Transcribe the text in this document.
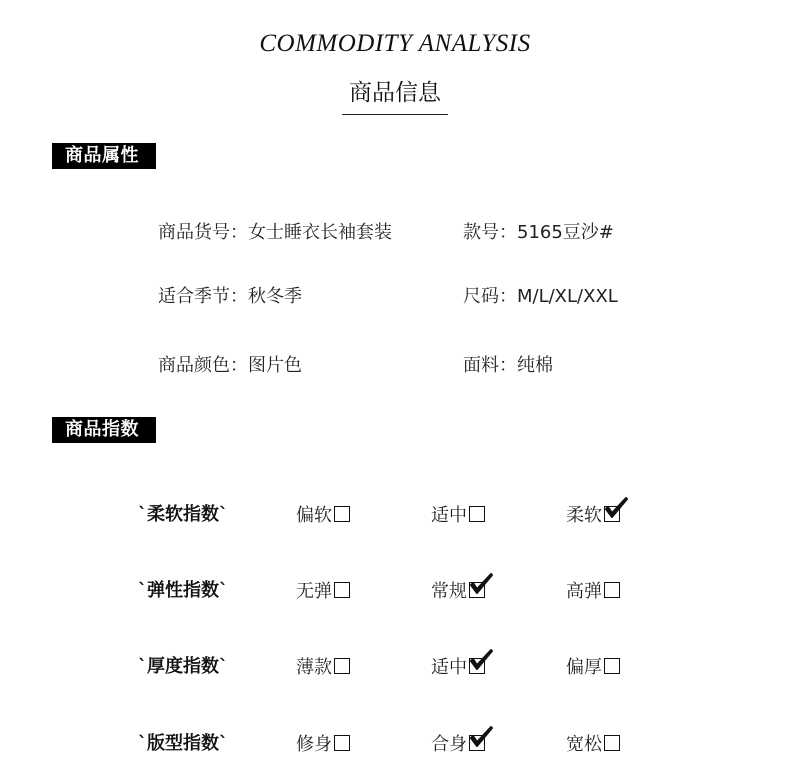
COMMODITY ANALYSIS
商品信息
商品属性
商品货号：女士睡衣长袖套装	款号：5165豆沙#
适合季节：秋冬季	尺码：M/L/XL/XXL
商品颜色：图片色	面料：纯棉
商品指数
`柔软指数`	偏软	适中	柔软
`弹性指数`	无弹	常规	高弹
`厚度指数`	薄款	适中	偏厚
`版型指数`	修身	合身	宽松
